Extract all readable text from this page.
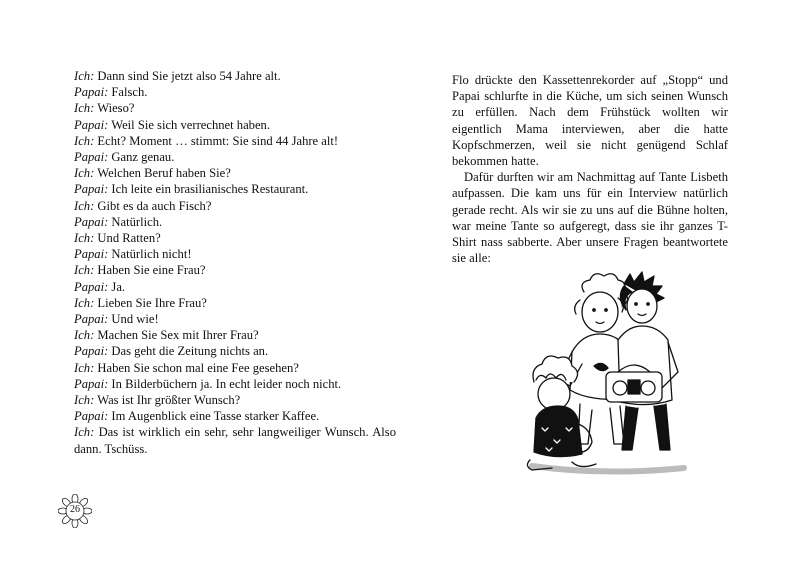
Ich: Dann sind Sie jetzt also 54 Jahre alt.
Papai: Falsch.
Ich: Wieso?
Papai: Weil Sie sich verrechnet haben.
Ich: Echt? Moment … stimmt: Sie sind 44 Jahre alt!
Papai: Ganz genau.
Ich: Welchen Beruf haben Sie?
Papai: Ich leite ein brasilianisches Restaurant.
Ich: Gibt es da auch Fisch?
Papai: Natürlich.
Ich: Und Ratten?
Papai: Natürlich nicht!
Ich: Haben Sie eine Frau?
Papai: Ja.
Ich: Lieben Sie Ihre Frau?
Papai: Und wie!
Ich: Machen Sie Sex mit Ihrer Frau?
Papai: Das geht die Zeitung nichts an.
Ich: Haben Sie schon mal eine Fee gesehen?
Papai: In Bilderbüchern ja. In echt leider noch nicht.
Ich: Was ist Ihr größter Wunsch?
Papai: Im Augenblick eine Tasse starker Kaffee.
Ich: Das ist wirklich ein sehr, sehr langweiliger Wunsch. Also dann. Tschüss.

Flo drückte den Kassettenrekorder auf „Stopp“ und Papai schlurfte in die Küche, um sich seinen Wunsch zu erfüllen. Nach dem Frühstück wollten wir eigentlich Mama interviewen, aber die hatte Kopfschmerzen, weil sie nicht genügend Schlaf bekommen hatte.

Dafür durften wir am Nachmittag auf Tante Lisbeth aufpassen. Die kam uns für ein Interview natürlich gerade recht. Als wir sie zu uns auf die Bühne holten, war meine Tante so aufgeregt, dass sie ihr ganzes T-Shirt nass sabberte. Aber unsere Fragen beantwortete sie alle:

26
